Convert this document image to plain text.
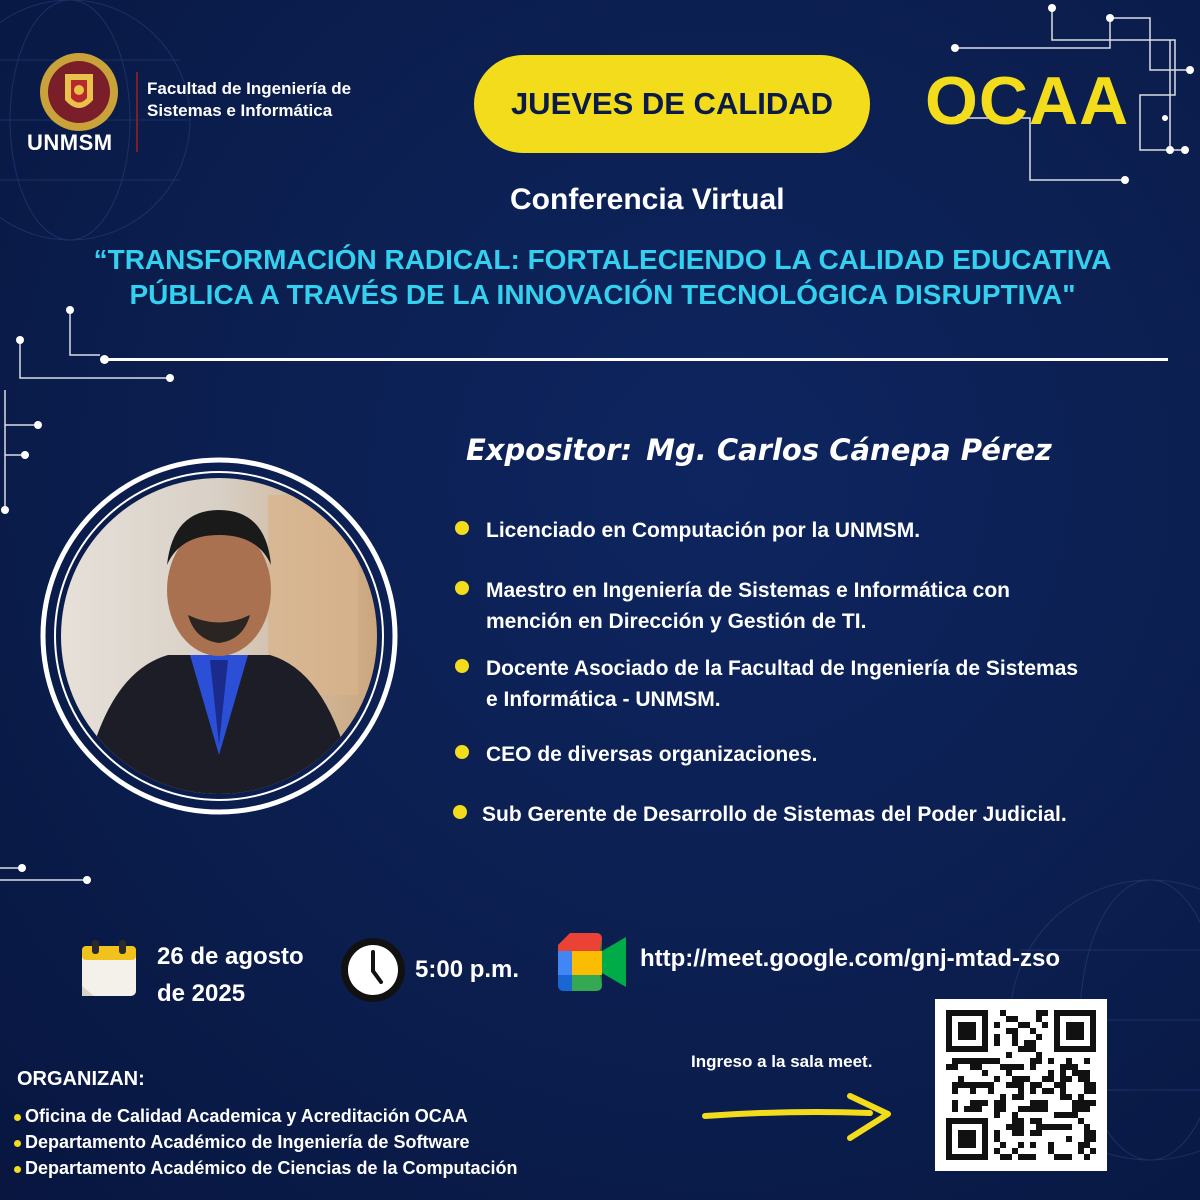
UNMSM
Facultad de Ingeniería de
Sistemas e Informática	JUEVES DE CALIDAD	OCAA
Conferencia Virtual
“TRANSFORMACIÓN RADICAL: FORTALECIENDO LA CALIDAD EDUCATIVA
PÚBLICA A TRAVÉS DE LA INNOVACIÓN TECNOLÓGICA DISRUPTIVA"
Expositor: Mg. Carlos Cánepa Pérez
Licenciado en Computación por la UNMSM.
Maestro en Ingeniería de Sistemas e Informática con
mención en Dirección y Gestión de TI.
Docente Asociado de la Facultad de Ingeniería de Sistemas
e Informática - UNMSM.
CEO de diversas organizaciones.
Sub Gerente de Desarrollo de Sistemas del Poder Judicial.
26 de agosto
de 2025
5:00 p.m.	http://meet.google.com/gnj-mtad-zso
ORGANIZAN:
Oficina de Calidad Academica y Acreditación OCAA
Departamento Académico de Ingeniería de Software
Departamento Académico de Ciencias de la Computación
Ingreso a la sala meet.
